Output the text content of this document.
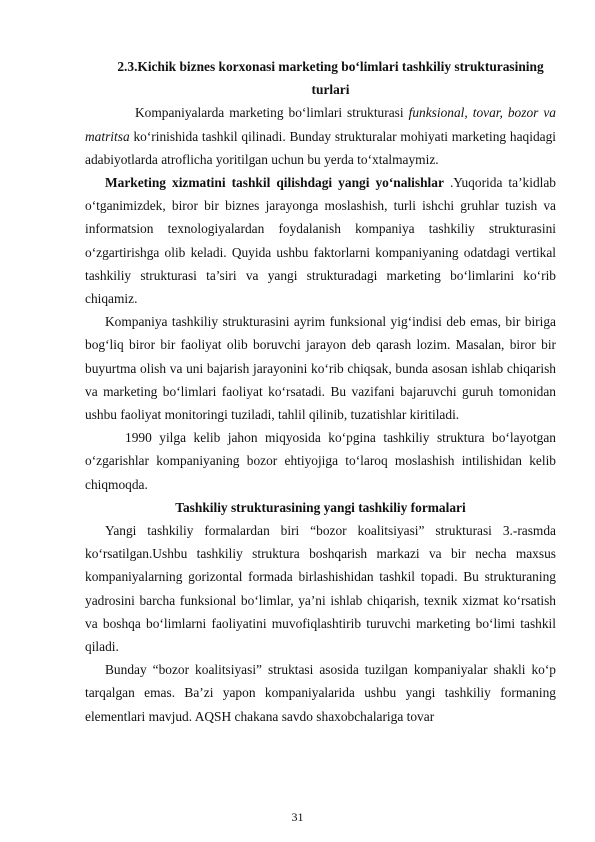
2.3.Kichik biznes korxonasi marketing bo‘limlari tashkiliy strukturasining turlari

Kompaniyalarda marketing bo‘limlari strukturasi funksional, tovar, bozor va matritsa ko‘rinishida tashkil qilinadi. Bunday strukturalar mohiyati marketing haqidagi adabiyotlarda atroflicha yoritilgan uchun bu yerda to‘xtalmaymiz.

Marketing xizmatini tashkil qilishdagi yangi yo‘nalishlar .Yuqorida ta’kidlab o‘tganimizdek, biror bir biznes jarayonga moslashish, turli ishchi gruhlar tuzish va informatsion texnologiyalardan foydalanish kompaniya tashkiliy strukturasini o‘zgartirishga olib keladi. Quyida ushbu faktorlarni kompaniyaning odatdagi vertikal tashkiliy strukturasi ta’siri va yangi strukturadagi marketing bo‘limlarini ko‘rib chiqamiz.

Kompaniya tashkiliy strukturasini ayrim funksional yig‘indisi deb emas, bir biriga bog‘liq biror bir faoliyat olib boruvchi jarayon deb qarash lozim. Masalan, biror bir buyurtma olish va uni bajarish jarayonini ko‘rib chiqsak, bunda asosan ishlab chiqarish va marketing bo‘limlari faoliyat ko‘rsatadi. Bu vazifani bajaruvchi guruh tomonidan ushbu faoliyat monitoringi tuziladi, tahlil qilinib, tuzatishlar kiritiladi.

1990 yilga kelib jahon miqyosida ko‘pgina tashkiliy struktura bo‘layotgan o‘zgarishlar kompaniyaning bozor ehtiyojiga to‘laroq moslashish intilishidan kelib chiqmoqda.

Tashkiliy strukturasining yangi tashkiliy formalari

Yangi tashkiliy formalardan biri “bozor koalitsiyasi” strukturasi 3.-rasmda ko‘rsatilgan.Ushbu tashkiliy struktura boshqarish markazi va bir necha maxsus kompaniyalarning gorizontal formada birlashishidan tashkil topadi. Bu strukturaning yadrosini barcha funksional bo‘limlar, ya’ni ishlab chiqarish, texnik xizmat ko‘rsatish va boshqa bo‘limlarni faoliyatini muvofiqlashtirib turuvchi marketing bo‘limi tashkil qiladi.

Bunday “bozor koalitsiyasi” struktasi asosida tuzilgan kompaniyalar shakli ko‘p tarqalgan emas. Ba’zi yapon kompaniyalarida ushbu yangi tashkiliy formaning elementlari mavjud. AQSH chakana savdo shaxobchalariga tovar

31
